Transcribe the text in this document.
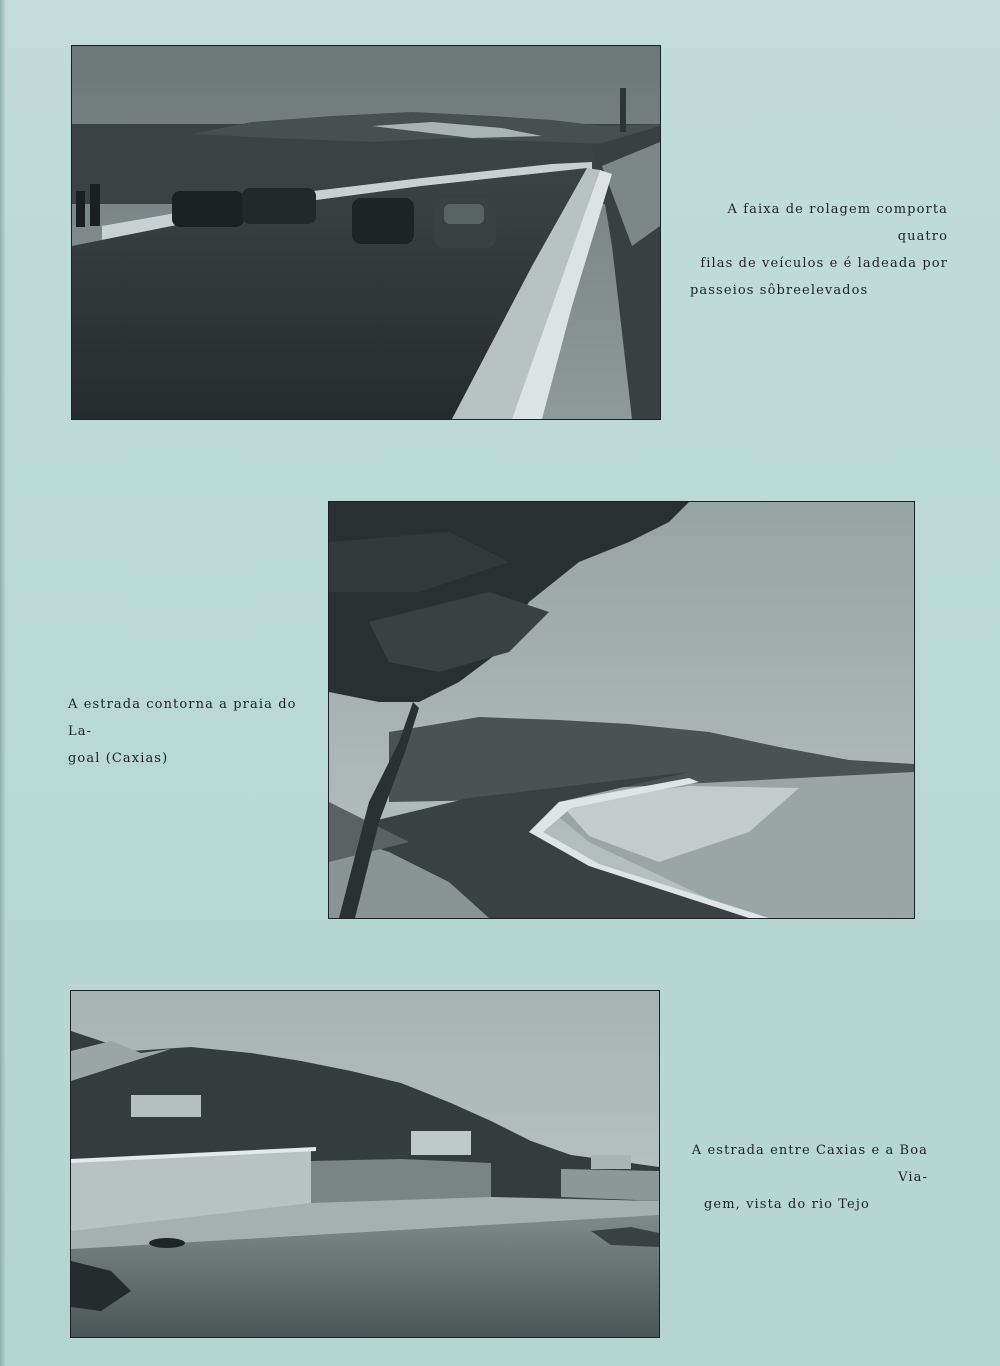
A faixa de rolagem comporta quatro
filas de veículos e é ladeada por
passeios sôbreelevados
A estrada contorna a praia do La-
goal (Caxias)
A estrada entre Caxias e a Boa Via-
gem, vista do rio Tejo
